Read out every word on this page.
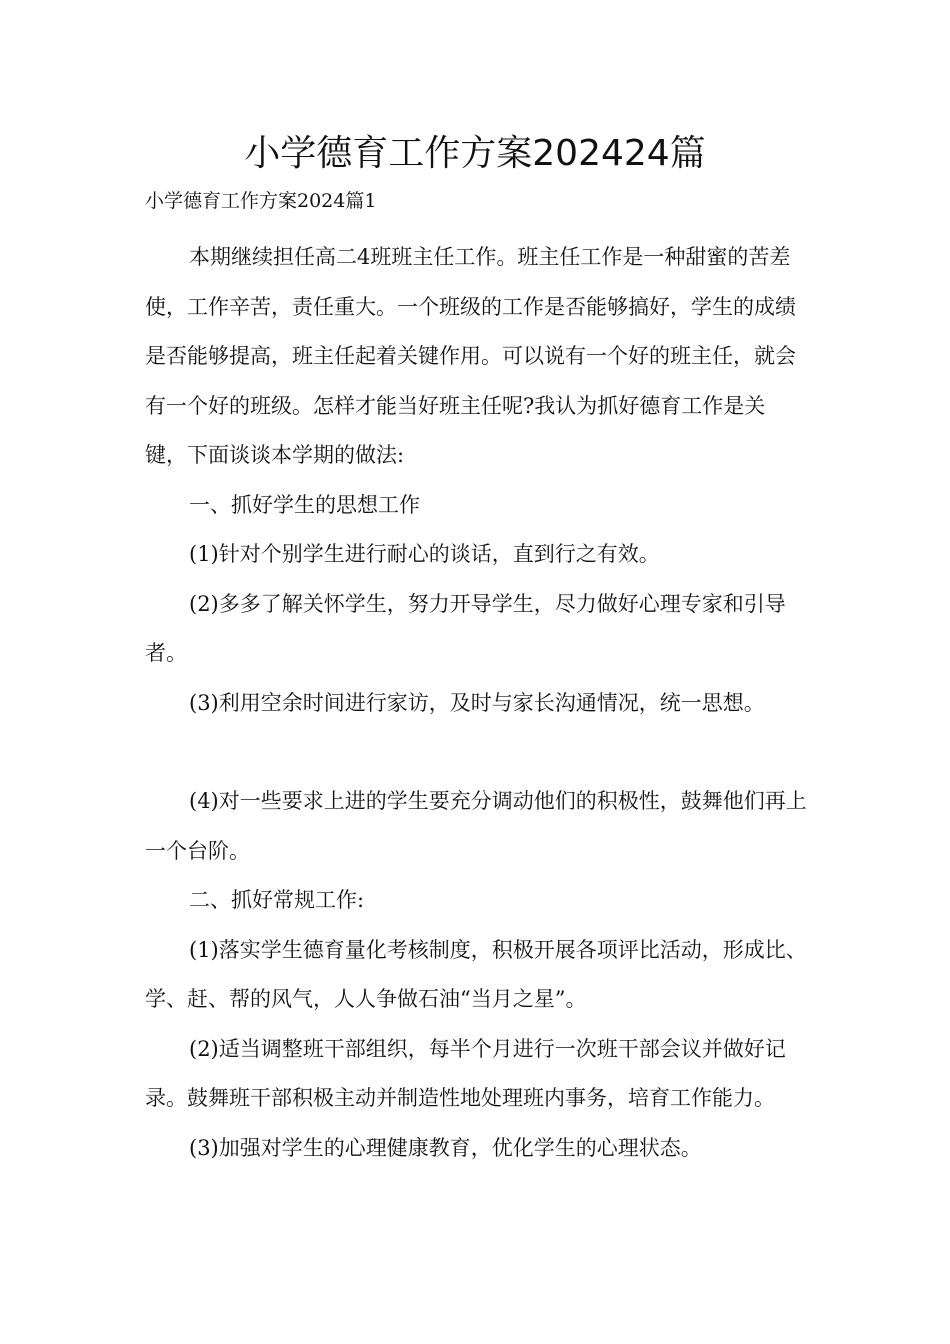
小学德育工作方案202424篇

小学德育工作方案2024篇1

本期继续担任高二4班班主任工作。班主任工作是一种甜蜜的苦差使，工作辛苦，责任重大。一个班级的工作是否能够搞好，学生的成绩是否能够提高，班主任起着关键作用。可以说有一个好的班主任，就会有一个好的班级。怎样才能当好班主任呢?我认为抓好德育工作是关键，下面谈谈本学期的做法:

一、抓好学生的思想工作

(1)针对个别学生进行耐心的谈话，直到行之有效。

(2)多多了解关怀学生，努力开导学生，尽力做好心理专家和引导者。

(3)利用空余时间进行家访，及时与家长沟通情况，统一思想。

(4)对一些要求上进的学生要充分调动他们的积极性，鼓舞他们再上一个台阶。

二、抓好常规工作:

(1)落实学生德育量化考核制度，积极开展各项评比活动，形成比、学、赶、帮的风气，人人争做石油“当月之星”。

(2)适当调整班干部组织，每半个月进行一次班干部会议并做好记录。鼓舞班干部积极主动并制造性地处理班内事务，培育工作能力。

(3)加强对学生的心理健康教育，优化学生的心理状态。
